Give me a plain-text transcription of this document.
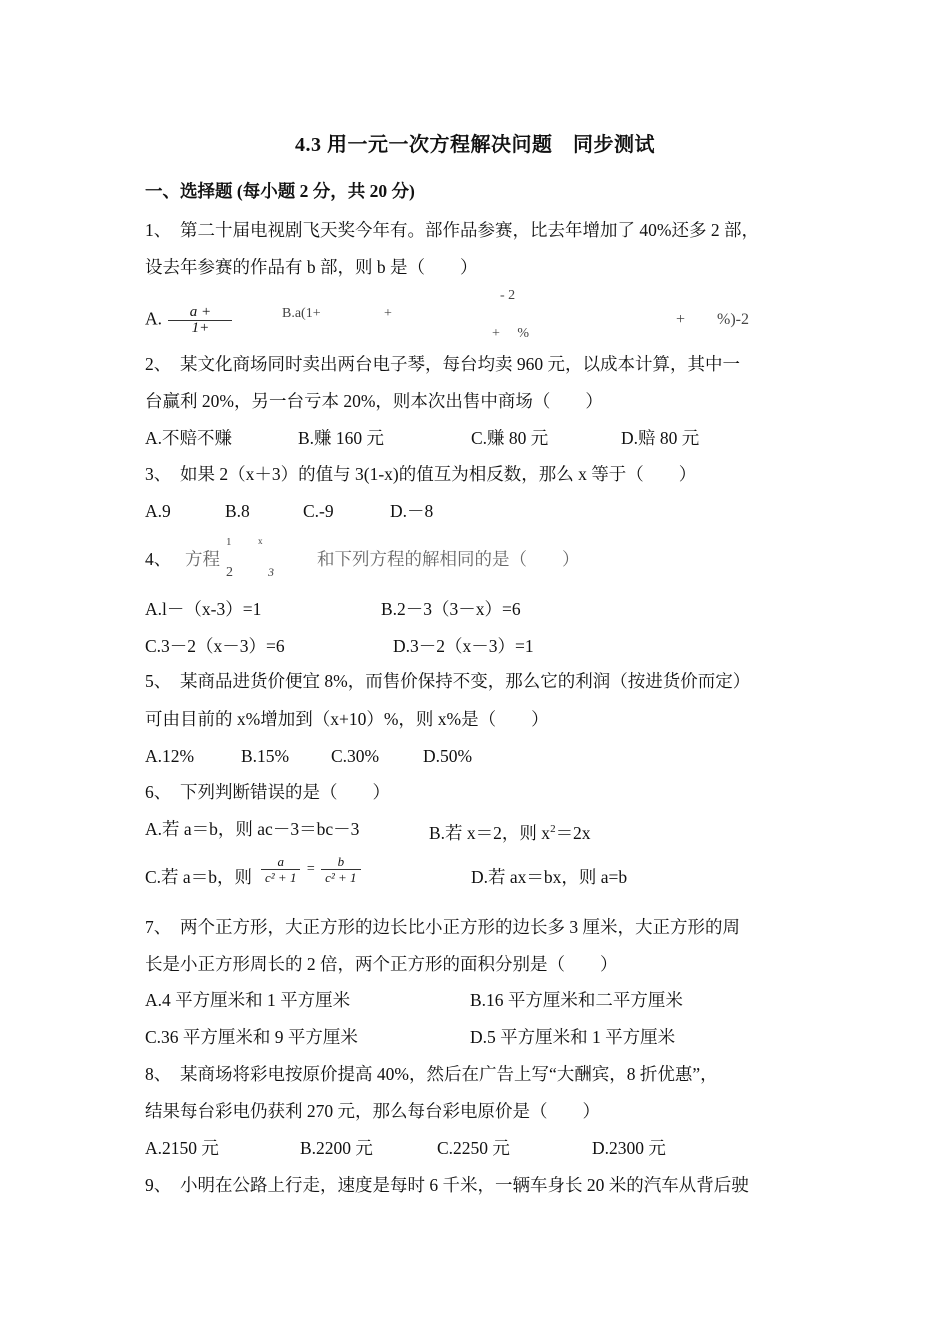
4.3 用一元一次方程解决问题　同步测试
一、选择题 (每小题 2 分，共 20 分)
1、　第二十届电视剧飞天奖今年有。部作品参赛，比去年增加了 40%还多 2 部，
设去年参赛的作品有 b 部，则 b 是（　　）
A. $\frac{a +}{1+}$	B.a(1+	+
- 2
+　 %
+　　%)-2
2、　某文化商场同时卖出两台电子琴，每台均卖 960 元，以成本计算，其中一
台赢利 20%，另一台亏本 20%，则本次出售中商场（　　）
A.不赔不赚	B.赚 160 元	C.赚 80 元	D.赔 80 元
3、　如果 2（x＋3）的值与 3(1-x)的值互为相反数，那么 x 等于（　　）
A.9	B.8	C.-9	D.－8
4、 方程	和下列方程的解相同的是（　　）
1
2
x
3
A.l－（x-3）=1	B.2－3（3－x）=6
C.3－2（x－3）=6	D.3－2（x－3）=1
5、　某商品进货价便宜 8%，而售价保持不变，那么它的利润（按进货价而定）
可由目前的 x%增加到（x+10）%，则 x%是（　　）
A.12%	B.15% C.30%	D.50%
6、　下列判断错误的是（　　）
A.若 a＝b，则 ac－3＝bc－3	B.若 x＝2，则 $x^2=2x$
C.若 a＝b，则 $\frac{a}{\text{c² + 1}} = \frac{b}{\text{c² + 1}}$	D.若 ax＝bx，则 a=b
7、　两个正方形，大正方形的边长比小正方形的边长多 3 厘米，大正方形的周
长是小正方形周长的 2 倍，两个正方形的面积分别是（　　）
A.4 平方厘米和 1 平方厘米	B.16 平方厘米和二平方厘米
C.36 平方厘米和 9 平方厘米	D.5 平方厘米和 1 平方厘米
8、　某商场将彩电按原价提高 40%，然后在广告上写“大酬宾，8 折优惠”，
结果每台彩电仍获利 270 元，那么每台彩电原价是（　　）
A.2150 元	B.2200 元	C.2250 元	D.2300 元
9、　小明在公路上行走，速度是每时 6 千米，一辆车身长 20 米的汽车从背后驶
